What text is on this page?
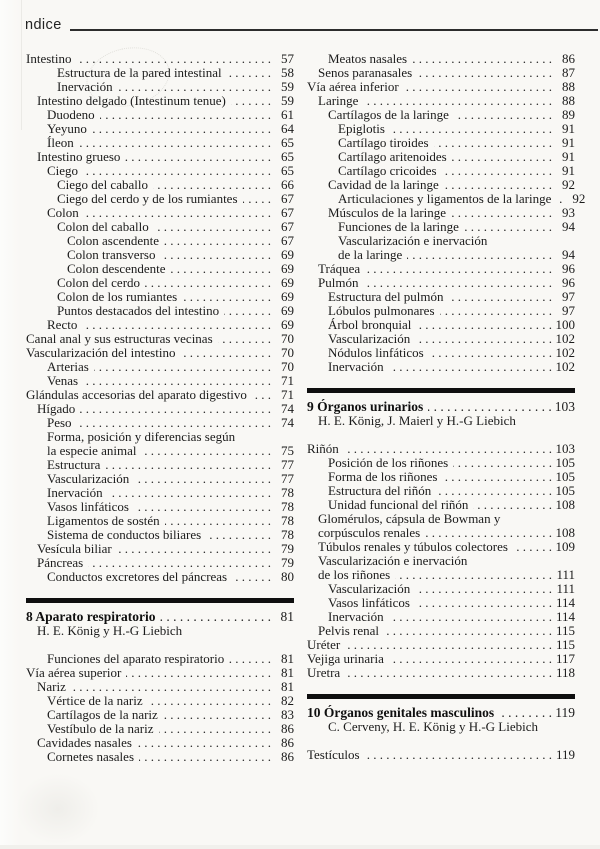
ndice
Intestino . . .	57
Estructura de la pared intestinal . . .	58
Inervación . . .	59
Intestino delgado (Intestinum tenue) . . .	59
Duodeno . . .	61
Yeyuno . . .	64
Íleon . . .	65
Intestino grueso . . .	65
Ciego . . .	65
Ciego del caballo . . .	66
Ciego del cerdo y de los rumiantes . . .	67
Colon . . .	67
Colon del caballo . . .	67
Colon ascendente . . .	67
Colon transverso . . .	69
Colon descendente . . .	69
Colon del cerdo . . .	69
Colon de los rumiantes . . .	69
Puntos destacados del intestino . . .	69
Recto . . .	69
Canal anal y sus estructuras vecinas . . .	70
Vascularización del intestino . . .	70
Arterias . . .	70
Venas . . .	71
Glándulas accesorias del aparato digestivo . . .	71
Hígado . . .	74
Peso . . .	74
Forma, posición y diferencias según
la especie animal . . .	75
Estructura . . .	77
Vascularización . . .	77
Inervación . . .	78
Vasos linfáticos . . .	78
Ligamentos de sostén . . .	78
Sistema de conductos biliares . . .	78
Vesícula biliar . . .	79
Páncreas . . .	79
Conductos excretores del páncreas . . .	80
8 Aparato respiratorio . . .	81
H. E. König y H.-G Liebich
Funciones del aparato respiratorio . . .	81
Vía aérea superior . . .	81
Nariz . . .	81
Vértice de la nariz . . .	82
Cartílagos de la nariz . . .	83
Vestíbulo de la nariz . . .	86
Cavidades nasales . . .	86
Cornetes nasales . . .	86
Meatos nasales . . .	86
Senos paranasales . . .	87
Vía aérea inferior . . .	88
Laringe . . .	88
Cartílagos de la laringe . . .	89
Epiglotis . . .	91
Cartílago tiroides . . .	91
Cartílago aritenoides . . .	91
Cartílago cricoides . . .	91
Cavidad de la laringe . . .	92
Articulaciones y ligamentos de la laringe . . .	92
Músculos de la laringe . . .	93
Funciones de la laringe . . .	94
Vascularización e inervación
de la laringe . . .	94
Tráquea . . .	96
Pulmón . . .	96
Estructura del pulmón . . .	97
Lóbulos pulmonares . . .	97
Árbol bronquial . . .	100
Vascularización . . .	102
Nódulos linfáticos . . .	102
Inervación . . .	102
9 Órganos urinarios . . .	103
H. E. König, J. Maierl y H.-G Liebich
Riñón . . .	103
Posición de los riñones . . .	105
Forma de los riñones . . .	105
Estructura del riñón . . .	105
Unidad funcional del riñón . . .	108
Glomérulos, cápsula de Bowman y
corpúsculos renales . . .	108
Túbulos renales y túbulos colectores . . .	109
Vascularización e inervación
de los riñones . . .	111
Vascularización . . .	111
Vasos linfáticos . . .	114
Inervación . . .	114
Pelvis renal . . .	115
Uréter . . .	115
Vejiga urinaria . . .	117
Uretra . . .	118
10 Órganos genitales masculinos . . .	119
C. Cerveny, H. E. König y H.-G Liebich
Testículos . . .	119
